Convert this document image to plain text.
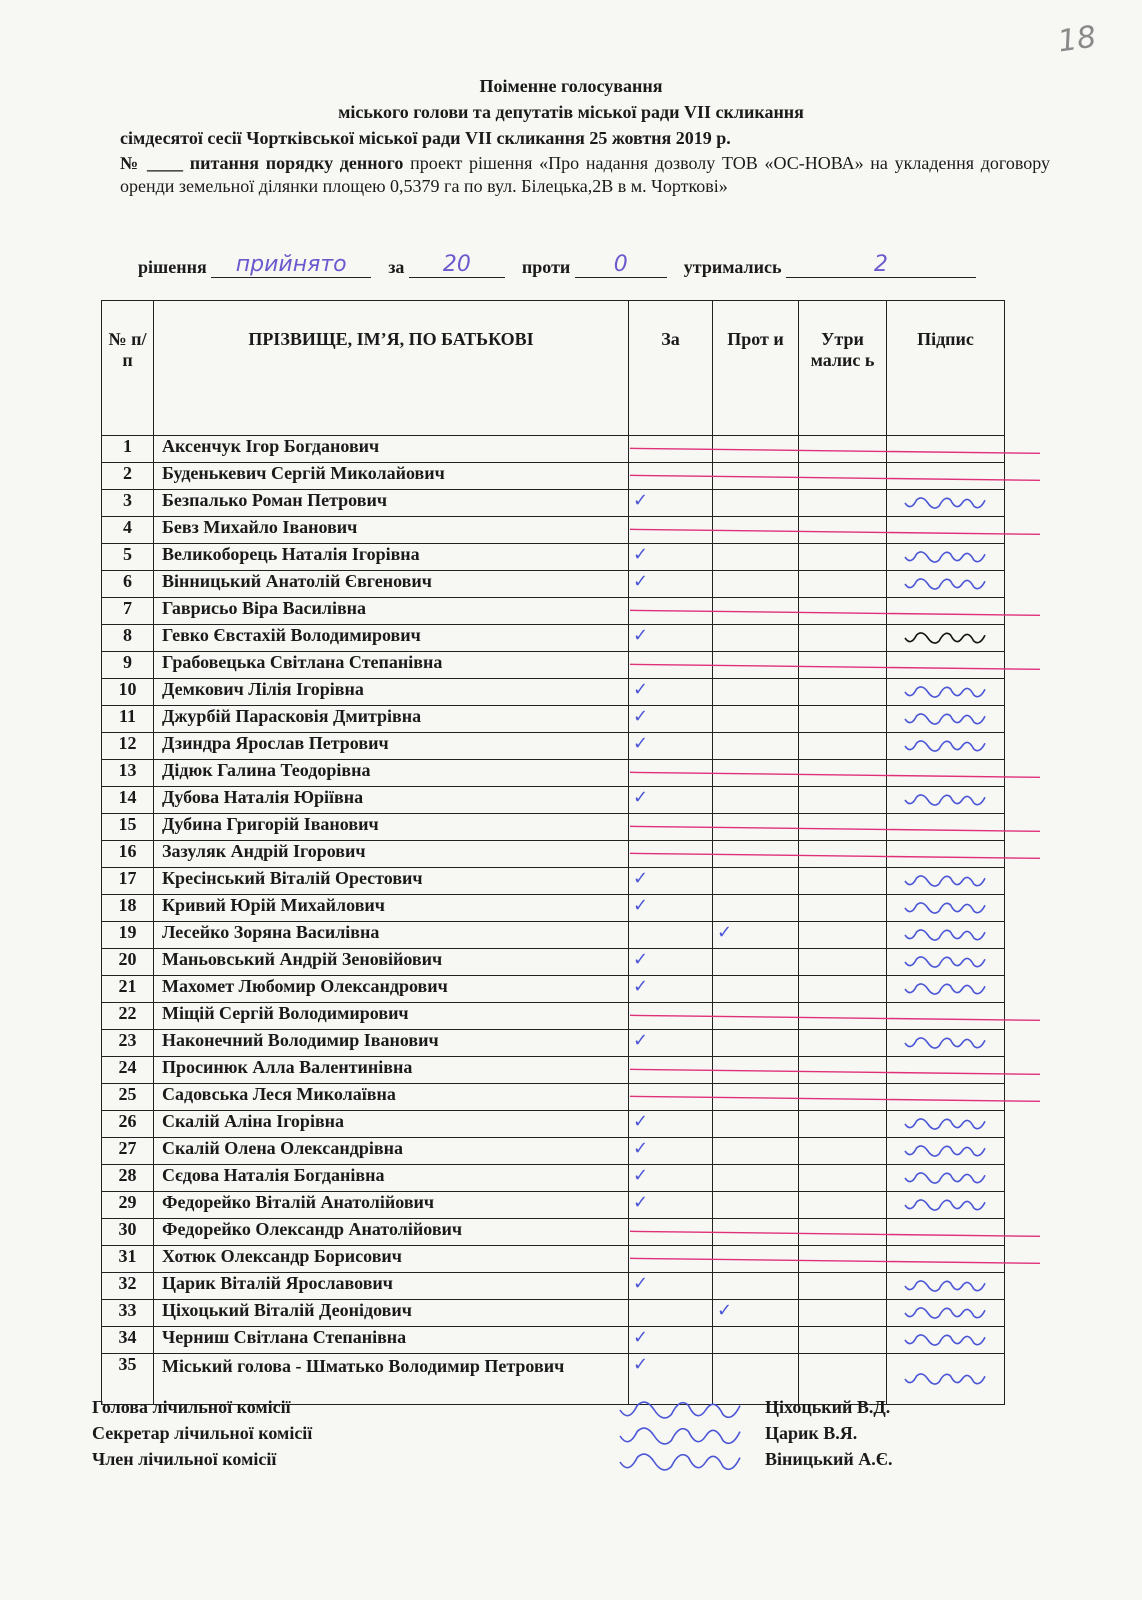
18
Поіменне голосування
міського голови та депутатів міської ради VII скликання
сімдесятої сесії Чортківської міської ради VII скликання 25 жовтня 2019 р.
№ ____ питання порядку денного проект рішення «Про надання дозволу ТОВ «ОС-НОВА» на укладення договору оренди земельної ділянки площею 0,5379 га по вул. Білецька,2В в м. Чорткові»
рішення прийнято за 20	проти 0	утримались	2
№ п/п	ПРІЗВИЩЕ, ІМ’Я, ПО БАТЬКОВІ	За	Прот и	Утри малис ь	Підпис
1	Аксенчук Ігор Богданович				
2	Буденькевич Сергій Миколайович				
3	Безпалько Роман Петрович	✓			
4	Бевз Михайло Іванович				
5	Великоборець Наталія Ігорівна	✓			
6	Вінницький Анатолій Євгенович	✓			
7	Гаврисьо Віра Василівна				
8	Гевко Євстахій Володимирович	✓			
9	Грабовецька Світлана Степанівна				
10	Демкович Лілія Ігорівна	✓			
11	Джурбій Парасковія Дмитрівна	✓			
12	Дзиндра Ярослав Петрович	✓			
13	Дідюк Галина Теодорівна				
14	Дубова Наталія Юріївна	✓			
15	Дубина Григорій Іванович				
16	Зазуляк Андрій Ігорович				
17	Кресінський Віталій Орестович	✓			
18	Кривий Юрій Михайлович	✓			
19	Лесейко Зоряна Василівна		✓		
20	Маньовський Андрій Зеновійович	✓			
21	Махомет Любомир Олександрович	✓			
22	Міщій Сергій Володимирович				
23	Наконечний Володимир Іванович	✓			
24	Просинюк Алла Валентинівна				
25	Садовська Леся Миколаївна				
26	Скалій Аліна Ігорівна	✓			
27	Скалій Олена Олександрівна	✓			
28	Сєдова Наталія Богданівна	✓			
29	Федорейко Віталій Анатолійович	✓			
30	Федорейко Олександр Анатолійович				
31	Хотюк Олександр Борисович				
32	Царик Віталій Ярославович	✓			
33	Ціхоцький Віталій Деонідович		✓		
34	Черниш Світлана Степанівна	✓			
35	Міський голова - Шматько Володимир Петрович	✓			
Голова лічильної комісії
Секретар лічильної комісії
Член лічильної комісії
Ціхоцький В.Д.
Царик В.Я.
Віницький А.Є.
